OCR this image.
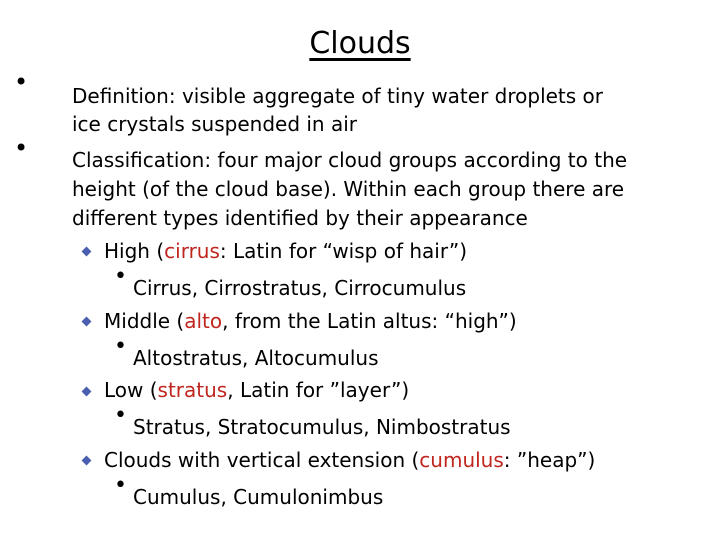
Clouds
• Definition: visible aggregate of tiny water droplets or
ice crystals suspended in air
• Classification: four major cloud groups according to the
height (of the cloud base). Within each group there are
different types identified by their appearance
High (cirrus: Latin for “wisp of hair”)
• Cirrus, Cirrostratus, Cirrocumulus
Middle (alto, from the Latin altus: “high”)
• Altostratus, Altocumulus
Low (stratus, Latin for ”layer”)
• Stratus, Stratocumulus, Nimbostratus
Clouds with vertical extension (cumulus: ”heap”)
• Cumulus, Cumulonimbus
